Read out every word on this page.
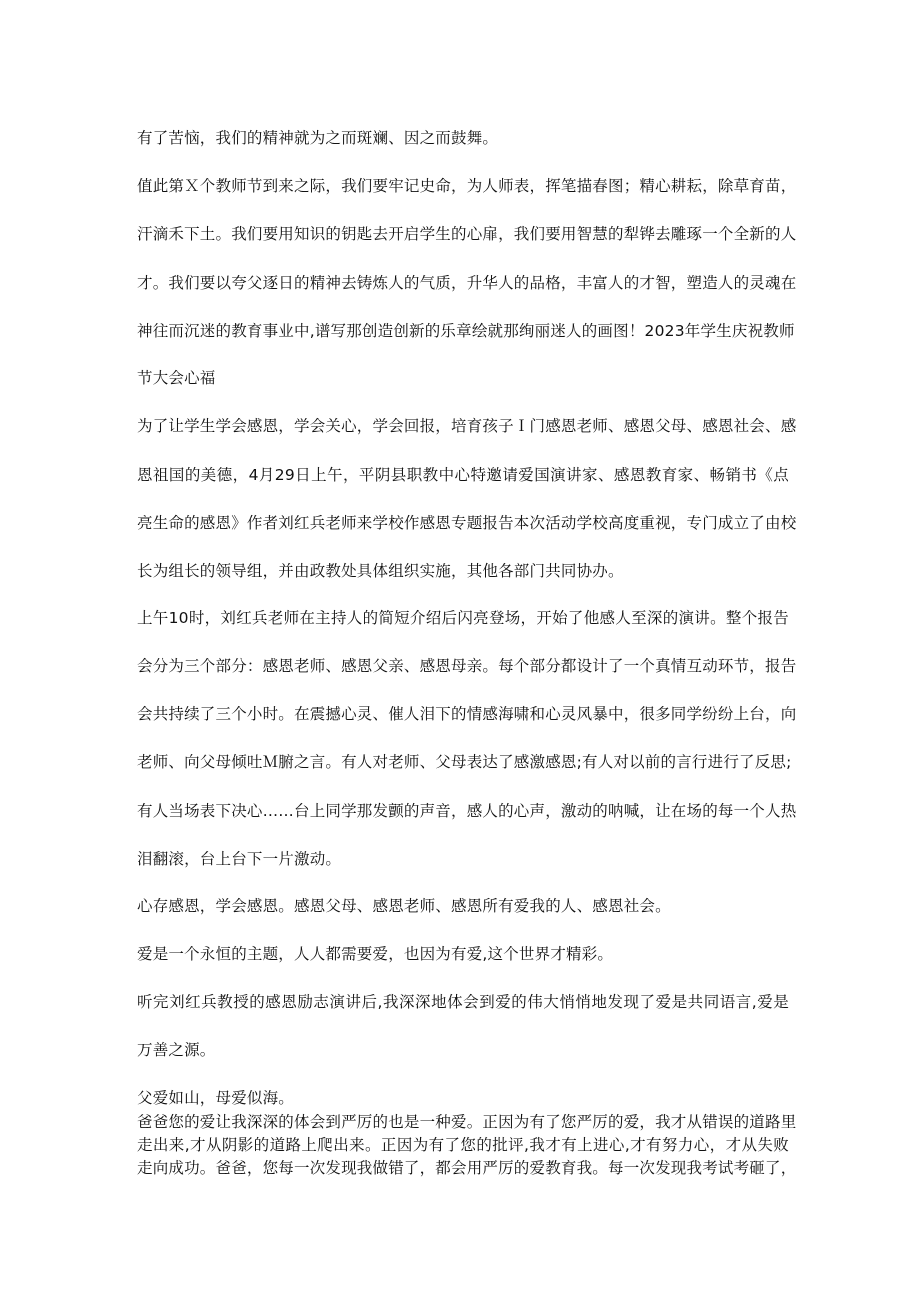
有了苦恼，我们的精神就为之而斑斓、因之而鼓舞。
值此第Ｘ个教师节到来之际，我们要牢记史命，为人师表，挥笔描春图；精心耕耘，除草育苗，
汗滴禾下土。我们要用知识的钥匙去开启学生的心扉，我们要用智慧的犁铧去雕琢一个全新的人
才。我们要以夸父逐日的精神去铸炼人的气质，升华人的品格，丰富人的才智，塑造人的灵魂在
神往而沉迷的教育事业中,谱写那创造创新的乐章绘就那绚丽迷人的画图！2023年学生庆祝教师
节大会心福
为了让学生学会感恩，学会关心，学会回报，培育孩子Ｉ门感恩老师、感恩父母、感恩社会、感
恩祖国的美德，4月29日上午，平阴县职教中心特邀请爱国演讲家、感恩教育家、畅销书《点
亮生命的感恩》作者刘红兵老师来学校作感恩专题报告本次活动学校高度重视，专门成立了由校
长为组长的领导组，并由政教处具体组织实施，其他各部门共同协办。
上午10时，刘红兵老师在主持人的简短介绍后闪亮登场，开始了他感人至深的演讲。整个报告
会分为三个部分：感恩老师、感恩父亲、感恩母亲。每个部分都设计了一个真情互动环节，报告
会共持续了三个小时。在震撼心灵、催人泪下的情感海啸和心灵风暴中，很多同学纷纷上台，向
老师、向父母倾吐Ｍ腑之言。有人对老师、父母表达了感激感恩;有人对以前的言行进行了反思;
有人当场表下决心……台上同学那发颤的声音，感人的心声，激动的呐喊，让在场的每一个人热
泪翻滚，台上台下一片激动。
心存感恩，学会感恩。感恩父母、感恩老师、感恩所有爱我的人、感恩社会。
爱是一个永恒的主题，人人都需要爱，也因为有爱,这个世界才精彩。
听完刘红兵教授的感恩励志演讲后,我深深地体会到爱的伟大悄悄地发现了爱是共同语言,爱是
万善之源。
父爱如山，母爱似海。
爸爸您的爱让我深深的体会到严厉的也是一种爱。正因为有了您严厉的爱，我才从错误的道路里
走出来,才从阴影的道路上爬出来。正因为有了您的批评,我才有上进心,才有努力心，才从失败
走向成功。爸爸，您每一次发现我做错了，都会用严厉的爱教育我。每一次发现我考试考砸了，
